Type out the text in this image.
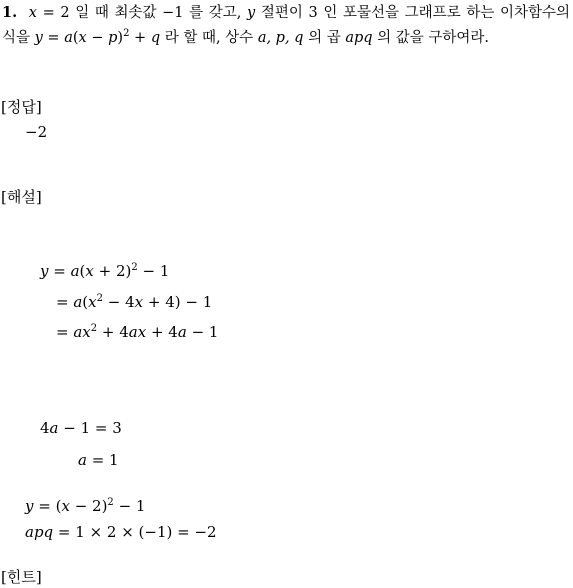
1. x = 2 일 때 최솟값 −1 를 갖고, y 절편이 3 인 포물선을 그래프로 하는 이차함수의 식을 $y = a(x - p)^2 + q$ 라 할 때, 상수 a, p, q 의 곱 apq 의 값을 구하여라.
[정답]
−2
[해설]
$y = a(x + 2)^2 - 1$
= $a(x^2 - 4x + 4) - 1$
= $ax^2 + 4ax + 4a - 1$
4a − 1 = 3
a = 1
$y = (x - 2)^2 - 1$
apq = 1 × 2 × (−1) = −2
[힌트]
